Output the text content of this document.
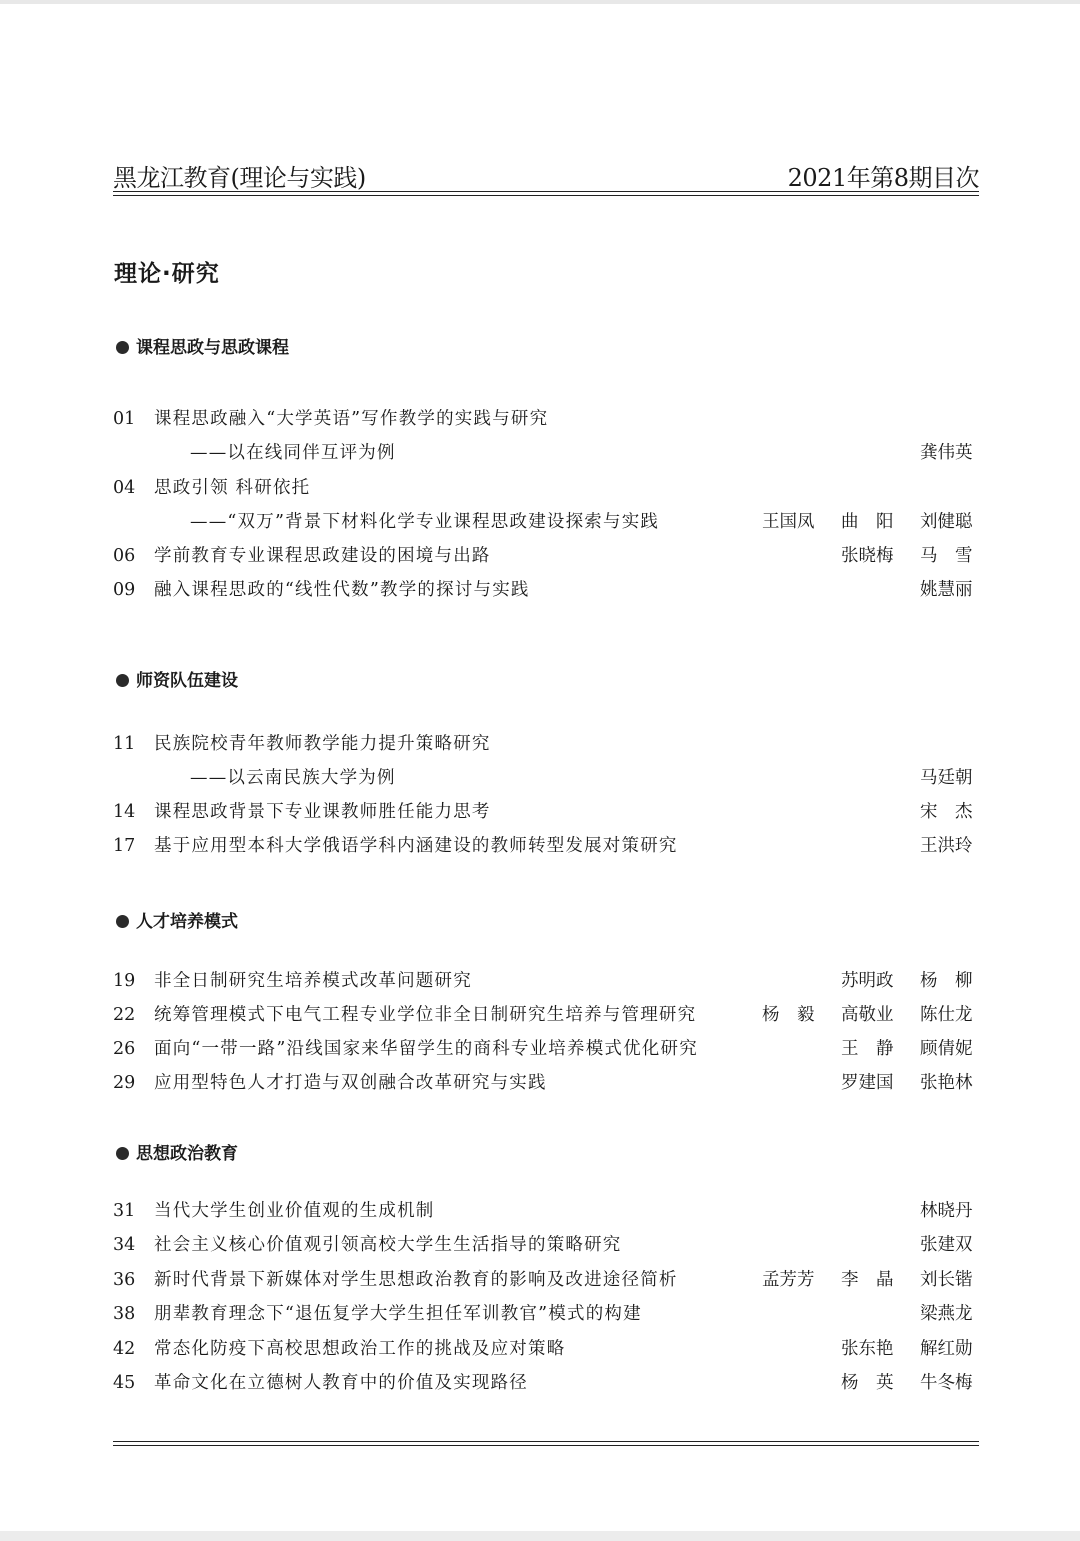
黑龙江教育(理论与实践)	2021年第8期目次
理论·研究
课程思政与思政课程
01 课程思政融入“大学英语”写作教学的实践与研究
——以在线同伴互评为例	龚伟英
04 思政引领 科研依托
——“双万”背景下材料化学专业课程思政建设探索与实践	王国凤 曲　阳 刘健聪
06 学前教育专业课程思政建设的困境与出路	张晓梅 马　雪
09 融入课程思政的“线性代数”教学的探讨与实践	姚慧丽
师资队伍建设
11 民族院校青年教师教学能力提升策略研究
——以云南民族大学为例	马廷朝
14 课程思政背景下专业课教师胜任能力思考	宋　杰
17 基于应用型本科大学俄语学科内涵建设的教师转型发展对策研究	王洪玲
人才培养模式
19 非全日制研究生培养模式改革问题研究	苏明政 杨　柳
22 统筹管理模式下电气工程专业学位非全日制研究生培养与管理研究	杨　毅 高敬业 陈仕龙
26 面向“一带一路”沿线国家来华留学生的商科专业培养模式优化研究	王　静 顾倩妮
29 应用型特色人才打造与双创融合改革研究与实践	罗建国 张艳林
思想政治教育
31 当代大学生创业价值观的生成机制	林晓丹
34 社会主义核心价值观引领高校大学生生活指导的策略研究	张建双
36 新时代背景下新媒体对学生思想政治教育的影响及改进途径简析	孟芳芳 李　晶 刘长锴
38 朋辈教育理念下“退伍复学大学生担任军训教官”模式的构建	梁燕龙
42 常态化防疫下高校思想政治工作的挑战及应对策略	张东艳 解红勋
45 革命文化在立德树人教育中的价值及实现路径	杨　英 牛冬梅
